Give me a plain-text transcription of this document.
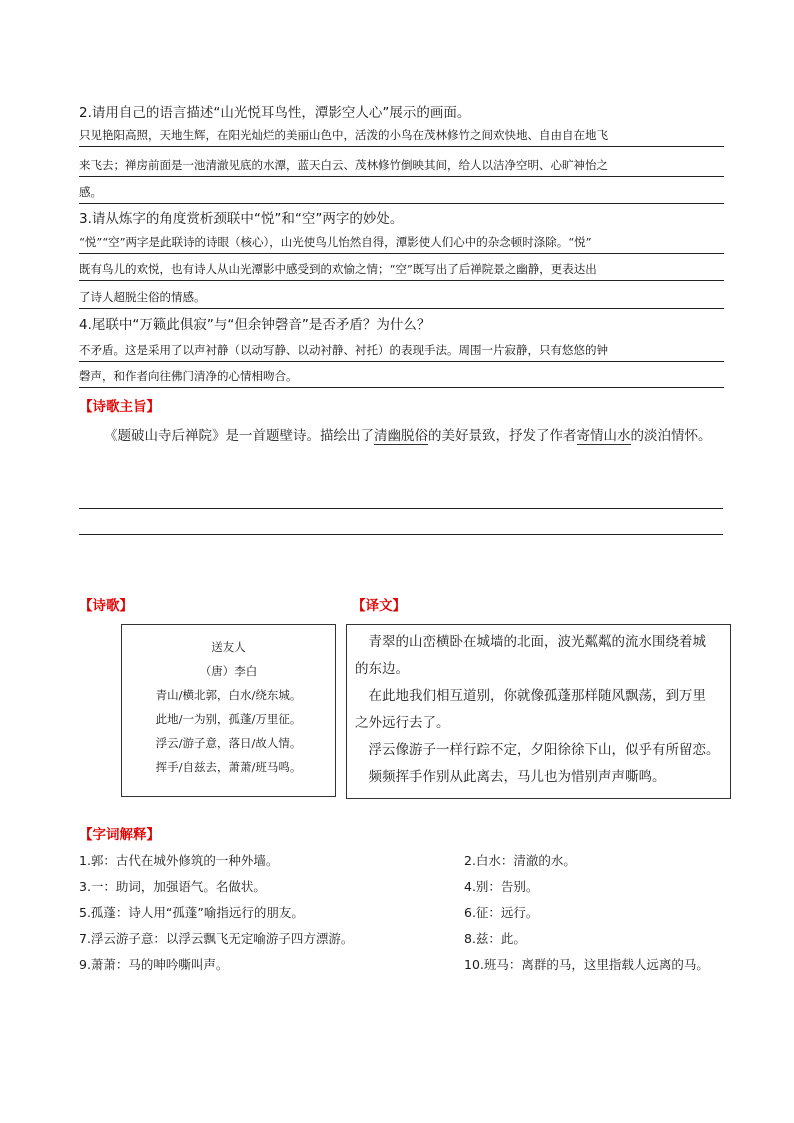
2.请用自己的语言描述“山光悦耳鸟性，潭影空人心”展示的画面。
只见艳阳高照，天地生辉，在阳光灿烂的美丽山色中，活泼的小鸟在茂林修竹之间欢快地、自由自在地飞
来飞去；禅房前面是一池清澈见底的水潭，蓝天白云、茂林修竹倒映其间，给人以洁净空明、心旷神怡之
感。
3.请从炼字的角度赏析颈联中“悦”和“空”两字的妙处。
“悦”“空”两字是此联诗的诗眼（核心），山光使鸟儿怡然自得，潭影使人们心中的杂念顿时涤除。“悦”
既有鸟儿的欢悦，也有诗人从山光潭影中感受到的欢愉之情；“空”既写出了后禅院景之幽静，更表达出
了诗人超脱尘俗的情感。
4.尾联中“万籁此俱寂”与“但余钟磬音”是否矛盾？为什么？
不矛盾。这是采用了以声衬静（以动写静、以动衬静、衬托）的表现手法。周围一片寂静，只有悠悠的钟
磬声，和作者向往佛门清净的心情相吻合。
【诗歌主旨】
《题破山寺后禅院》是一首题壁诗。描绘出了清幽脱俗的美好景致，抒发了作者寄情山水的淡泊情怀。
【诗歌】
送友人
（唐）李白
青山/横北郭，白水/绕东城。
此地/一为别，孤蓬/万里征。
浮云/游子意，落日/故人情。
挥手/自兹去，萧萧/班马鸣。
【译文】
　青翠的山峦横卧在城墙的北面，波光粼粼的流水围绕着城
的东边。
　在此地我们相互道别，你就像孤蓬那样随风飘荡，到万里
之外远行去了。
　浮云像游子一样行踪不定，夕阳徐徐下山，似乎有所留恋。
　频频挥手作别从此离去，马儿也为惜别声声嘶鸣。
【字词解释】
1.郭：古代在城外修筑的一种外墙。
3.一：助词，加强语气。名做状。
5.孤蓬：诗人用“孤蓬”喻指远行的朋友。
7.浮云游子意：以浮云飘飞无定喻游子四方漂游。
9.萧萧：马的呻吟嘶叫声。
2.白水：清澈的水。
4.别：告别。
6.征：远行。
8.兹：此。
10.班马：离群的马，这里指载人远离的马。
